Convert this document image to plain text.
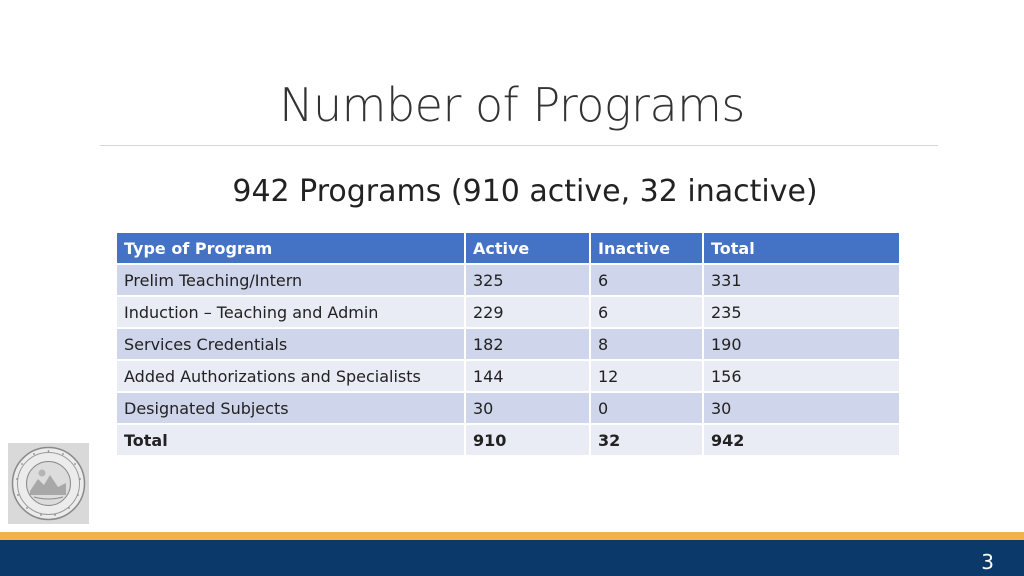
Number of Programs
942 Programs (910 active, 32 inactive)
Type of Program	Active	Inactive	Total
Prelim Teaching/Intern	325	6	331
Induction – Teaching and Admin	229	6	235
Services Credentials	182	8	190
Added Authorizations and Specialists	144	12	156
Designated Subjects	30	0	30
Total	910	32	942
3
